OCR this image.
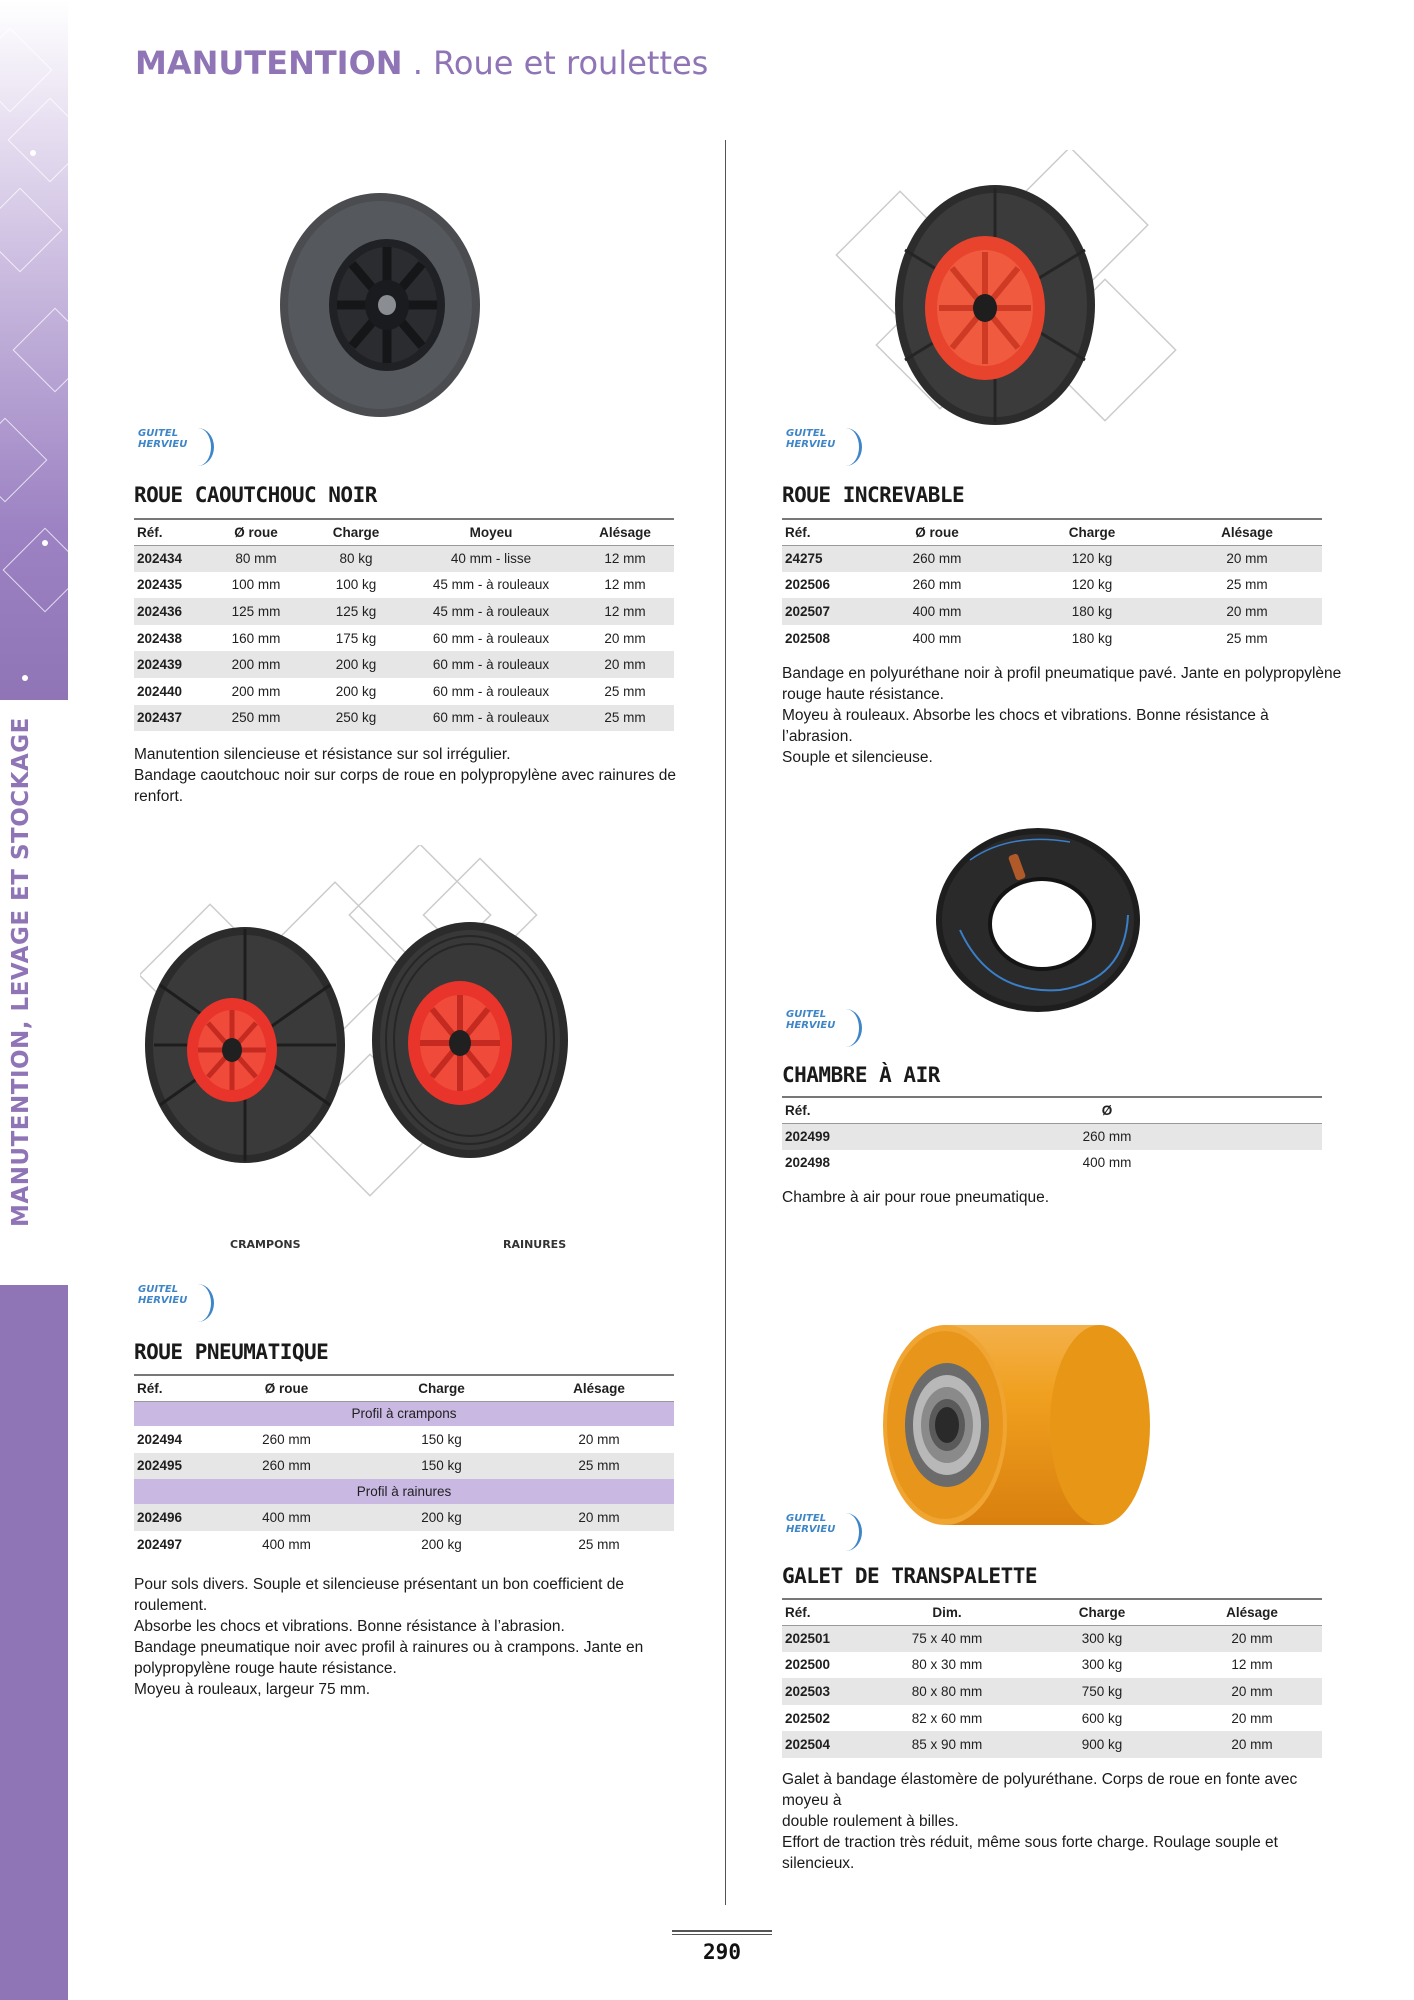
MANUTENTION, LEVAGE ET STOCKAGE
MANUTENTION . Roue et roulettes
GUITEL
HERVIEU
ROUE CAOUTCHOUC NOIR
Réf.	Ø roue	Charge	Moyeu	Alésage
202434	80 mm	80 kg	40 mm - lisse	12 mm
202435	100 mm	100 kg	45 mm - à rouleaux	12 mm
202436	125 mm	125 kg	45 mm - à rouleaux	12 mm
202438	160 mm	175 kg	60 mm - à rouleaux	20 mm
202439	200 mm	200 kg	60 mm - à rouleaux	20 mm
202440	200 mm	200 kg	60 mm - à rouleaux	25 mm
202437	250 mm	250 kg	60 mm - à rouleaux	25 mm

Manutention silencieuse et résistance sur sol irrégulier.

Bandage caoutchouc noir sur corps de roue en polypropylène avec rainures de

renfort.

CRAMPONS	RAINURES
GUITEL
HERVIEU
ROUE PNEUMATIQUE
Réf.	Ø roue	Charge	Alésage
Profil à crampons			
202494	260 mm	150 kg	20 mm
202495	260 mm	150 kg	25 mm
Profil à rainures			
202496	400 mm	200 kg	20 mm
202497	400 mm	200 kg	25 mm

Pour sols divers. Souple et silencieuse présentant un bon coefficient de roulement.

Absorbe les chocs et vibrations. Bonne résistance à l’abrasion.

Bandage pneumatique noir avec profil à rainures ou à crampons. Jante en

polypropylène rouge haute résistance.

Moyeu à rouleaux, largeur 75 mm.

GUITEL
HERVIEU
ROUE INCREVABLE
Réf.	Ø roue	Charge	Alésage
24275	260 mm	120 kg	20 mm
202506	260 mm	120 kg	25 mm
202507	400 mm	180 kg	20 mm
202508	400 mm	180 kg	25 mm

Bandage en polyuréthane noir à profil pneumatique pavé. Jante en polypropylène

rouge haute résistance.

Moyeu à rouleaux. Absorbe les chocs et vibrations. Bonne résistance à l’abrasion.

Souple et silencieuse.

GUITEL
HERVIEU
CHAMBRE À AIR
Réf.	Ø
202499	260 mm
202498	400 mm

Chambre à air pour roue pneumatique.

GUITEL
HERVIEU
GALET DE TRANSPALETTE
Réf.	Dim.	Charge	Alésage
202501	75 x 40 mm	300 kg	20 mm
202500	80 x 30 mm	300 kg	12 mm
202503	80 x 80 mm	750 kg	20 mm
202502	82 x 60 mm	600 kg	20 mm
202504	85 x 90 mm	900 kg	20 mm

Galet à bandage élastomère de polyuréthane. Corps de roue en fonte avec moyeu à

double roulement à billes.

Effort de traction très réduit, même sous forte charge. Roulage souple et silencieux.

290
